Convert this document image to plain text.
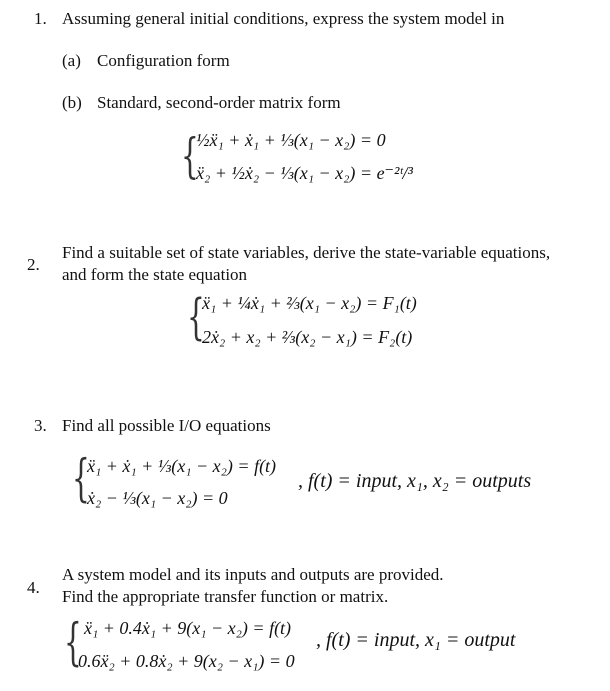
1. Assuming general initial conditions, express the system model in
(a) Configuration form
(b) Standard, second-order matrix form
{
½ẍ₁ + ẋ₁ + ⅓(x₁ − x₂) = 0
ẍ₂ + ½ẋ₂ − ⅓(x₁ − x₂) = e⁻²ᵗ/³
2.
Find a suitable set of state variables, derive the state-variable equations,
and form the state equation
{
ẍ₁ + ¼ẋ₁ + ⅔(x₁ − x₂) = F₁(t)
2ẋ₂ + x₂ + ⅔(x₂ − x₁) = F₂(t)
3. Find all possible I/O equations
{
ẍ₁ + ẋ₁ + ⅓(x₁ − x₂) = f(t)
ẋ₂ − ⅓(x₁ − x₂) = 0
, f(t) = input, x₁, x₂ = outputs
4.
A system model and its inputs and outputs are provided.
Find the appropriate transfer function or matrix.
{ ẍ₁ + 0.4ẋ₁ + 9(x₁ − x₂) = f(t)
0.6ẍ₂ + 0.8ẋ₂ + 9(x₂ − x₁) = 0
, f(t) = input, x₁ = output
